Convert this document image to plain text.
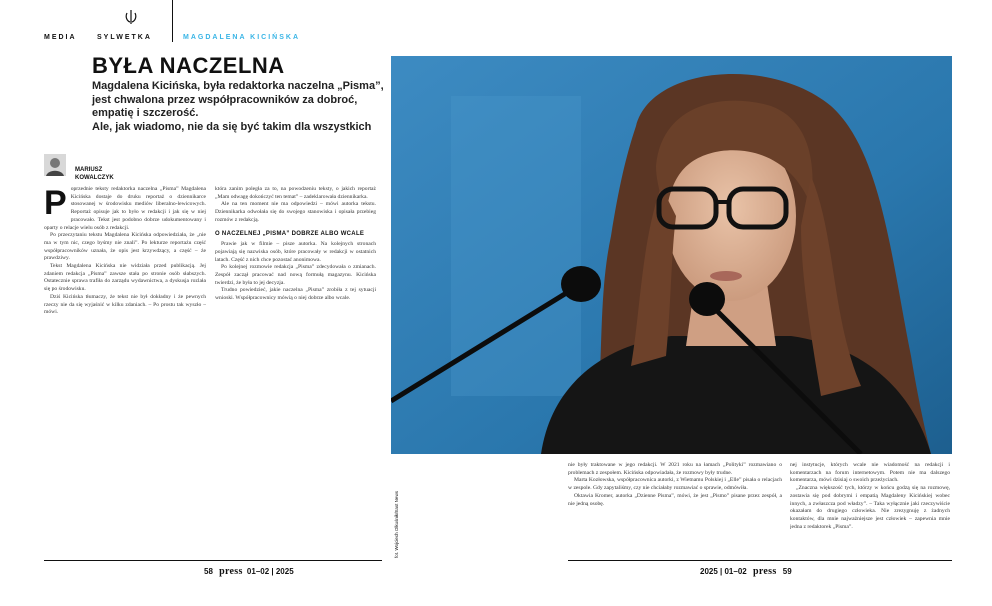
MEDIA	SYLWETKA	MAGDALENA KICIŃSKA
BYŁA NACZELNA
Magdalena Kicińska, była redaktorka naczelna „Pisma”,
jest chwalona przez współpracowników za dobroć,
empatię i szczerość.
Ale, jak wiadomo, nie da się być takim dla wszystkich
MARIUSZ
KOWALCZYK
P oprzednie teksty redaktorka naczelna „Pisma” Magdalena Kicińska dostaje do druku reportaż o dziennikarce stosowanej w środowisku mediów liberalno-lewicowych. Reportaż opisuje jak to było w redakcji i jak się w niej pracowało. Tekst jest podobno dobrze udokumentowany i oparty o relacje wielu osób z redakcji.

Po przeczytaniu tekstu Magdalena Kicińska odpowiedziała, że „nie ma w tym nic, czego byśmy nie znali”. Po lekturze reportażu część współpracowników uznała, że opis jest krzywdzący, a część – że prawdziwy.

Tekst Magdalena Kicińska nie widziała przed publikacją. Jej zdaniem redakcja „Pisma” zawsze stała po stronie osób słabszych. Ostatecznie sprawa trafiła do zarządu wydawnictwa, a dyskusja rozlała się po środowisku.

Dziś Kicińska tłumaczy, że tekst nie był dokładny i że pewnych rzeczy nie da się wyjaśnić w kilku zdaniach. – Po prostu tak wyszło – mówi.

która zanim poległa za to, na powodzeniu teksty, o jakich reportaż „Mam odwagę dokończyć ten temat” – zadeklarowała dziennikarka.

Ale na ten moment nie ma odpowiedzi – mówi autorka tekstu. Dziennikarka odwołała się do swojego stanowiska i opisała przebieg rozmów z redakcją.

O NACZELNEJ „PISMA” DOBRZE ALBO WCALE

Prawie jak w filmie – pisze autorka. Na kolejnych stronach pojawiają się nazwiska osób, które pracowały w redakcji w ostatnich latach. Część z nich chce pozostać anonimowa.

Po kolejnej rozmowie redakcja „Pisma” zdecydowała o zmianach. Zespół zaczął pracować nad nową formułą magazynu. Kicińska twierdzi, że była to jej decyzja.

Trudno powiedzieć, jakie naczelna „Pisma” zrobiła z tej sytuacji wnioski. Współpracownicy mówią o niej dobrze albo wcale.

fot. Wojciech Olkuśnik/East News

nie były traktowane w jego redakcji. W 2021 roku na łamach „Polityki” rozmawiano o problemach z zespołem. Kicińska odpowiadała, że rozmowy były trudne.

Marta Kozłowska, współpracownica autorki, z Wietnamu Polskiej i „Elle” pisała o relacjach w zespole. Gdy zapytaliśmy, czy nie chciałaby rozmawiać o sprawie, odmówiła.

Oktawia Kromer, autorka „Dzienne Pisma”, mówi, że jest „Pismo” pisane przez zespół, a nie jedną osobę.

nej instytucje, których wcale nie wiadomość na redakcji i komentarzach na forum internetowym. Potem nie ma dalszego komentarza, mówi dzisiaj o swoich przeżyciach.

„Znaczna większość tych, którzy w końcu godzą się na rozmowę, zostawia się pod dobrymi i empatią Magdaleny Kicińskiej wobec innych, a zwłaszcza pod władzy”. – Taka wyłącznie jaki rzeczywiście okazałam do drugiego człowieka. Nie zrezygnuję z żadnych kontaktów, dla mnie najważniejsze jest człowiek – zapewnia mnie jedna z redaktorek „Pisma”.

58 press 01–02 | 2025	2025 | 01–02 press 59
